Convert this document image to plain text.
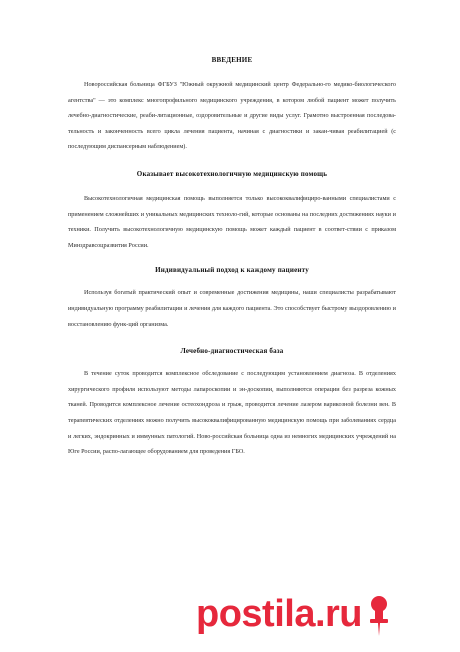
ВВЕДЕНИЕ

Новороссийская больница ФГБУЗ "Южный окружной медицинский центр Федерально-го медико-биологического агентства" — это комплекс многопрофильного медицинского учреждения, в котором любой пациент может получить лечебно-диагностические, реаби-литационные, оздоровительные и другие виды услуг. Грамотно выстроенная последова-тельность и законченность всего цикла лечения пациента, начиная с диагностики и закан-чивая реабилитацией (с последующим диспансерным наблюдением).

Оказывает высокотехнологичную медицинскую помощь

Высокотехнологичная медицинская помощь выполняется только высококвалифициро-ванными специалистами с применением сложнейших и уникальных медицинских техноло-гий, которые основаны на последних достижениях науки и техники. Получить высокотехнологичную медицинскую помощь может каждый пациент в соответ-ствии с приказом Минздравсоцразвития России.

Индивидуальный подход к каждому пациенту

Используя богатый практический опыт и современные достижения медицины, наши специалисты разрабатывают индивидуальную программу реабилитации и лечения для каждого пациента. Это способствует быстрому выздоровлению и восстановлению функ-ций организма.

Лечебно-диагностическая база

В течение суток проводится комплексное обследование с последующим установлением диагноза. В отделениях хирургического профиля используют методы лапароскопии и эн-доскопии, выполняются операции без разреза кожных тканей. Проводится комплексное лечение остеохондроза и грыж, проводится лечение лазером варикозной болезни вен. В терапевтических отделениях можно получить высококвалифицированную медицинскую помощь при заболеваниях сердца и легких, эндокринных и иммунных патологий. Ново-российская больница одна из немногих медицинских учреждений на Юге России, распо-лагающее оборудованием для проведения ГБО.

postila.ru
